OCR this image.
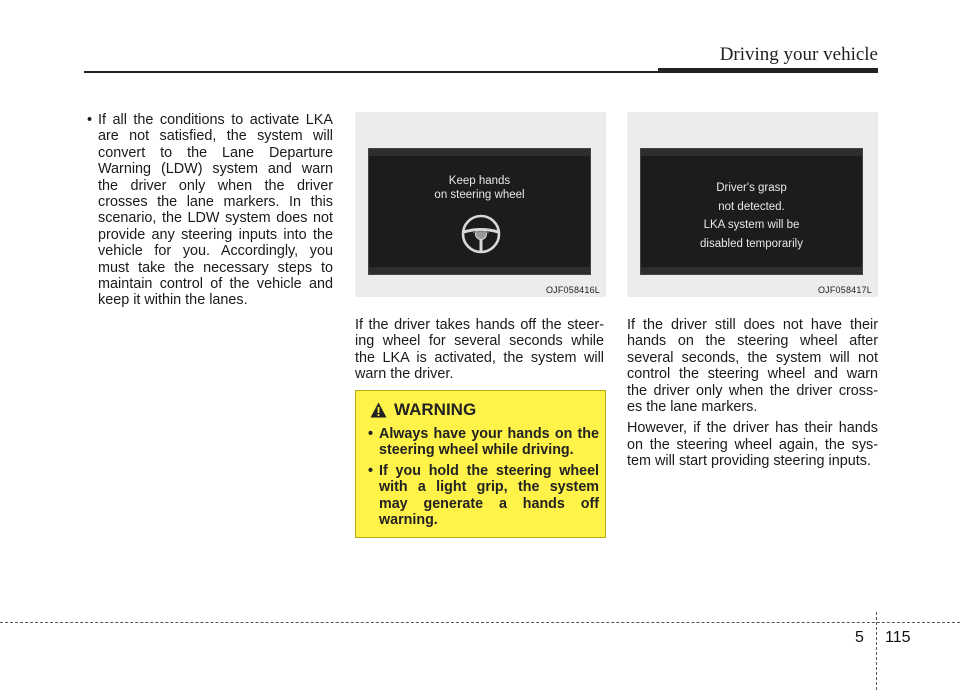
Driving your vehicle

• If all the conditions to activate LKA are not satisfied, the system will convert to the Lane Departure Warning (LDW) system and warn the driver only when the driver crosses the lane markers. In this scenario, the LDW system does not provide any steering inputs into the vehicle for you. Accordingly, you must take the necessary steps to maintain control of the vehicle and keep it within the lanes.

Keep hands
on steering wheel
OJF058416L
Driver's grasp
not detected.
LKA system will be
disabled temporarily
OJF058417L

If the driver takes hands off the steer-ing wheel for several seconds while the LKA is activated, the system will warn the driver.

WARNING

• Always have your hands on the steering wheel while driving.

• If you hold the steering wheel with a light grip, the system may generate a hands off warning.

If the driver still does not have their hands on the steering wheel after several seconds, the system will not control the steering wheel and warn the driver only when the driver cross-es the lane markers.

However, if the driver has their hands on the steering wheel again, the sys-tem will start providing steering inputs.

5 115
